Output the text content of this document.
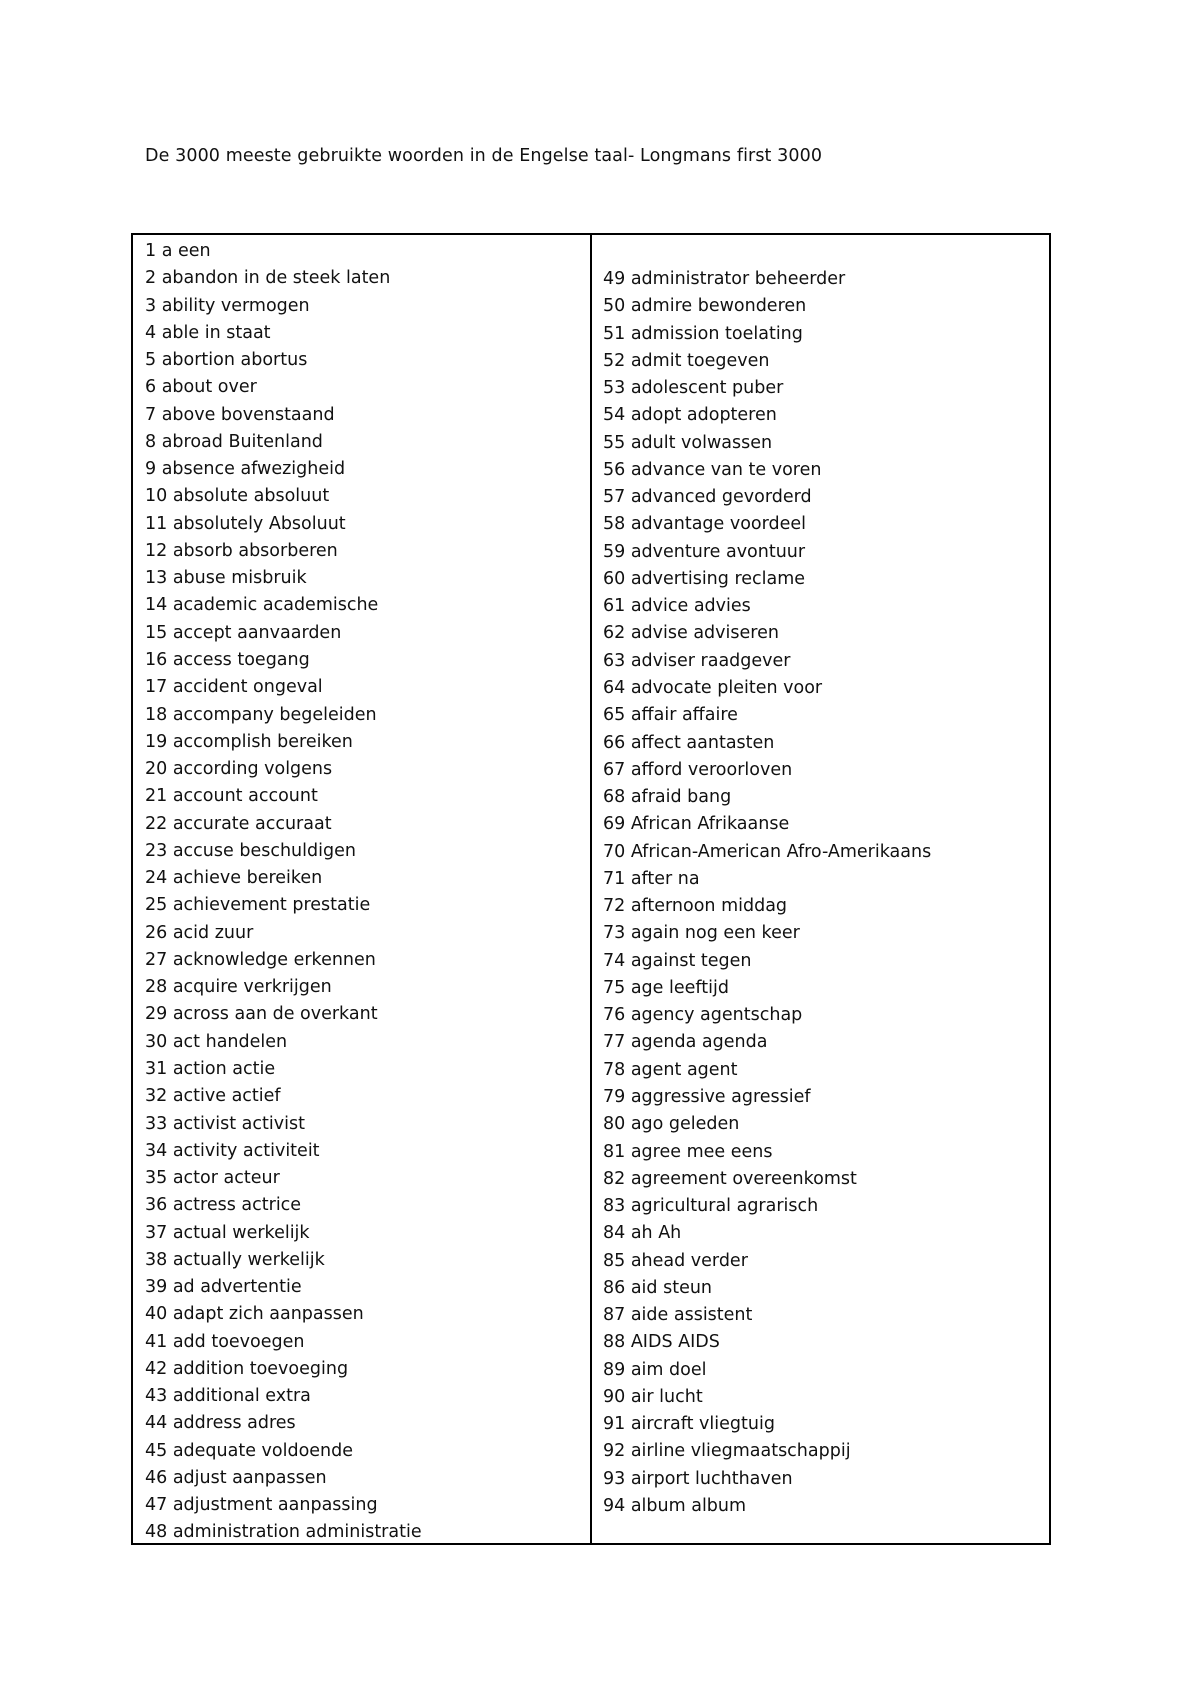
De 3000 meeste gebruikte woorden in de Engelse taal- Longmans first 3000
1 a een
2 abandon in de steek laten
3 ability vermogen
4 able in staat
5 abortion abortus
6 about over
7 above bovenstaand
8 abroad Buitenland
9 absence afwezigheid
10 absolute absoluut
11 absolutely Absoluut
12 absorb absorberen
13 abuse misbruik
14 academic academische
15 accept aanvaarden
16 access toegang
17 accident ongeval
18 accompany begeleiden
19 accomplish bereiken
20 according volgens
21 account account
22 accurate accuraat
23 accuse beschuldigen
24 achieve bereiken
25 achievement prestatie
26 acid zuur
27 acknowledge erkennen
28 acquire verkrijgen
29 across aan de overkant
30 act handelen
31 action actie
32 active actief
33 activist activist
34 activity activiteit
35 actor acteur
36 actress actrice
37 actual werkelijk
38 actually werkelijk
39 ad advertentie
40 adapt zich aanpassen
41 add toevoegen
42 addition toevoeging
43 additional extra
44 address adres
45 adequate voldoende
46 adjust aanpassen
47 adjustment aanpassing
48 administration administratie
49 administrator beheerder
50 admire bewonderen
51 admission toelating
52 admit toegeven
53 adolescent puber
54 adopt adopteren
55 adult volwassen
56 advance van te voren
57 advanced gevorderd
58 advantage voordeel
59 adventure avontuur
60 advertising reclame
61 advice advies
62 advise adviseren
63 adviser raadgever
64 advocate pleiten voor
65 affair affaire
66 affect aantasten
67 afford veroorloven
68 afraid bang
69 African Afrikaanse
70 African-American Afro-Amerikaans
71 after na
72 afternoon middag
73 again nog een keer
74 against tegen
75 age leeftijd
76 agency agentschap
77 agenda agenda
78 agent agent
79 aggressive agressief
80 ago geleden
81 agree mee eens
82 agreement overeenkomst
83 agricultural agrarisch
84 ah Ah
85 ahead verder
86 aid steun
87 aide assistent
88 AIDS AIDS
89 aim doel
90 air lucht
91 aircraft vliegtuig
92 airline vliegmaatschappij
93 airport luchthaven
94 album album
